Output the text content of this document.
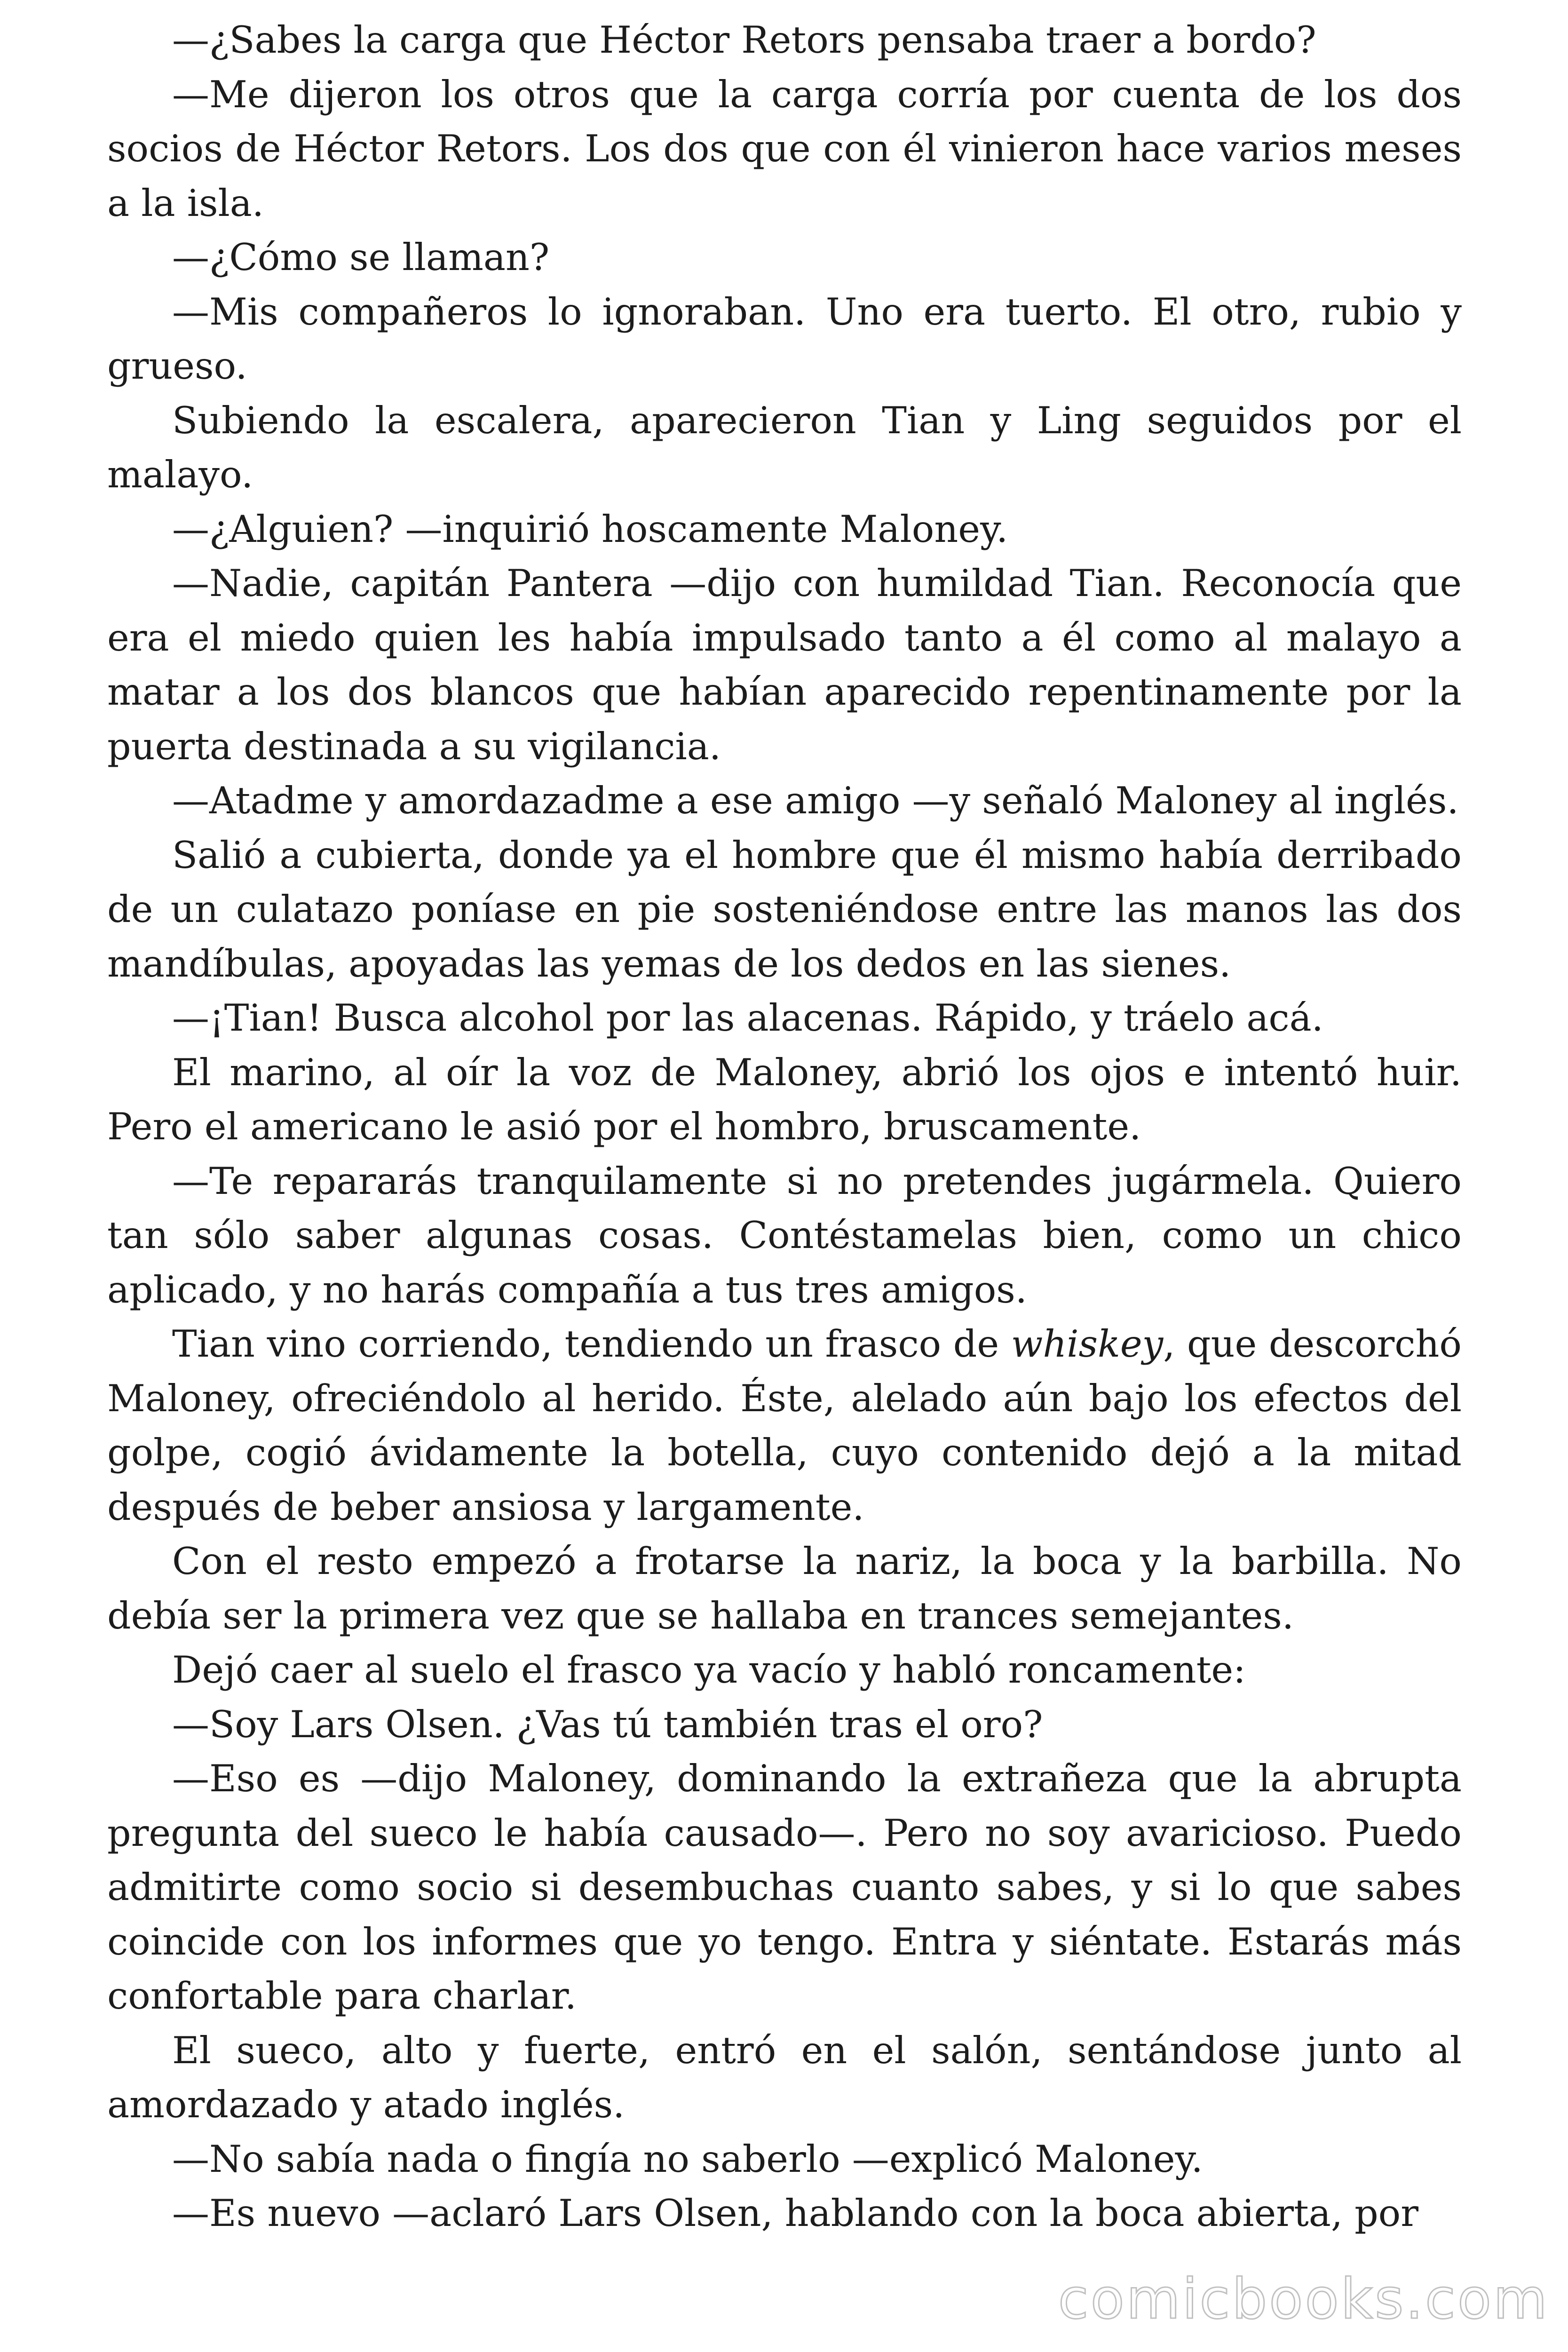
—¿Sabes la carga que Héctor Retors pensaba traer a bordo?

—Me dijeron los otros que la carga corría por cuenta de los dos socios de Héctor Retors. Los dos que con él vinieron hace varios meses a la isla.

—¿Cómo se llaman?

—Mis compañeros lo ignoraban. Uno era tuerto. El otro, rubio y grueso.

Subiendo la escalera, aparecieron Tian y Ling seguidos por el malayo.

—¿Alguien? —inquirió hoscamente Maloney.

—Nadie, capitán Pantera —dijo con humildad Tian. Reconocía que era el miedo quien les había impulsado tanto a él como al malayo a matar a los dos blancos que habían aparecido repentinamente por la puerta destinada a su vigilancia.

—Atadme y amordazadme a ese amigo —y señaló Maloney al inglés.

Salió a cubierta, donde ya el hombre que él mismo había derribado de un culatazo poníase en pie sosteniéndose entre las manos las dos mandíbulas, apoyadas las yemas de los dedos en las sienes.

—¡Tian! Busca alcohol por las alacenas. Rápido, y tráelo acá.

El marino, al oír la voz de Maloney, abrió los ojos e intentó huir. Pero el americano le asió por el hombro, bruscamente.

—Te repararás tranquilamente si no pretendes jugármela. Quiero tan sólo saber algunas cosas. Contéstamelas bien, como un chico aplicado, y no harás compañía a tus tres amigos.

Tian vino corriendo, tendiendo un frasco de whiskey, que descorchó Maloney, ofreciéndolo al herido. Éste, alelado aún bajo los efectos del golpe, cogió ávidamente la botella, cuyo contenido dejó a la mitad después de beber ansiosa y largamente.

Con el resto empezó a frotarse la nariz, la boca y la barbilla. No debía ser la primera vez que se hallaba en trances semejantes.

Dejó caer al suelo el frasco ya vacío y habló roncamente:

—Soy Lars Olsen. ¿Vas tú también tras el oro?

—Eso es —dijo Maloney, dominando la extrañeza que la abrupta pregunta del sueco le había causado—. Pero no soy avaricioso. Puedo admitirte como socio si desembuchas cuanto sabes, y si lo que sabes coincide con los informes que yo tengo. Entra y siéntate. Estarás más confortable para charlar.

El sueco, alto y fuerte, entró en el salón, sentándose junto al amordazado y atado inglés.

—No sabía nada o fingía no saberlo —explicó Maloney.

—Es nuevo —aclaró Lars Olsen, hablando con la boca abierta, por

comicbooks.com
